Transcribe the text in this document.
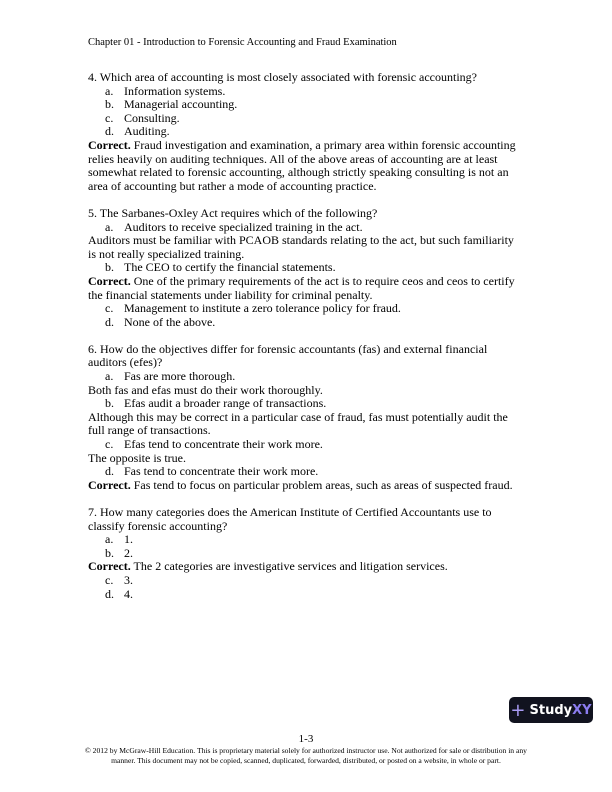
Chapter 01 - Introduction to Forensic Accounting and Fraud Examination
4. Which area of accounting is most closely associated with forensic accounting?
a. Information systems.
b. Managerial accounting.
c. Consulting.
d. Auditing.
Correct. Fraud investigation and examination, a primary area within forensic accounting
relies heavily on auditing techniques. All of the above areas of accounting are at least
somewhat related to forensic accounting, although strictly speaking consulting is not an
area of accounting but rather a mode of accounting practice.
5. The Sarbanes-Oxley Act requires which of the following?
a. Auditors to receive specialized training in the act.
Auditors must be familiar with PCAOB standards relating to the act, but such familiarity
is not really specialized training.
b. The CEO to certify the financial statements.
Correct. One of the primary requirements of the act is to require ceos and ceos to certify
the financial statements under liability for criminal penalty.
c. Management to institute a zero tolerance policy for fraud.
d. None of the above.
6. How do the objectives differ for forensic accountants (fas) and external financial
auditors (efes)?
a. Fas are more thorough.
Both fas and efas must do their work thoroughly.
b. Efas audit a broader range of transactions.
Although this may be correct in a particular case of fraud, fas must potentially audit the
full range of transactions.
c. Efas tend to concentrate their work more.
The opposite is true.
d. Fas tend to concentrate their work more.
Correct. Fas tend to focus on particular problem areas, such as areas of suspected fraud.
7. How many categories does the American Institute of Certified Accountants use to
classify forensic accounting?
a. 1.
b. 2.
Correct. The 2 categories are investigative services and litigation services.
c. 3.
d. 4.
1-3
© 2012 by McGraw-Hill Education. This is proprietary material solely for authorized instructor use. Not authorized for sale or distribution in any manner. This document may not be copied, scanned, duplicated, forwarded, distributed, or posted on a website, in whole or part.
+ Study XY
